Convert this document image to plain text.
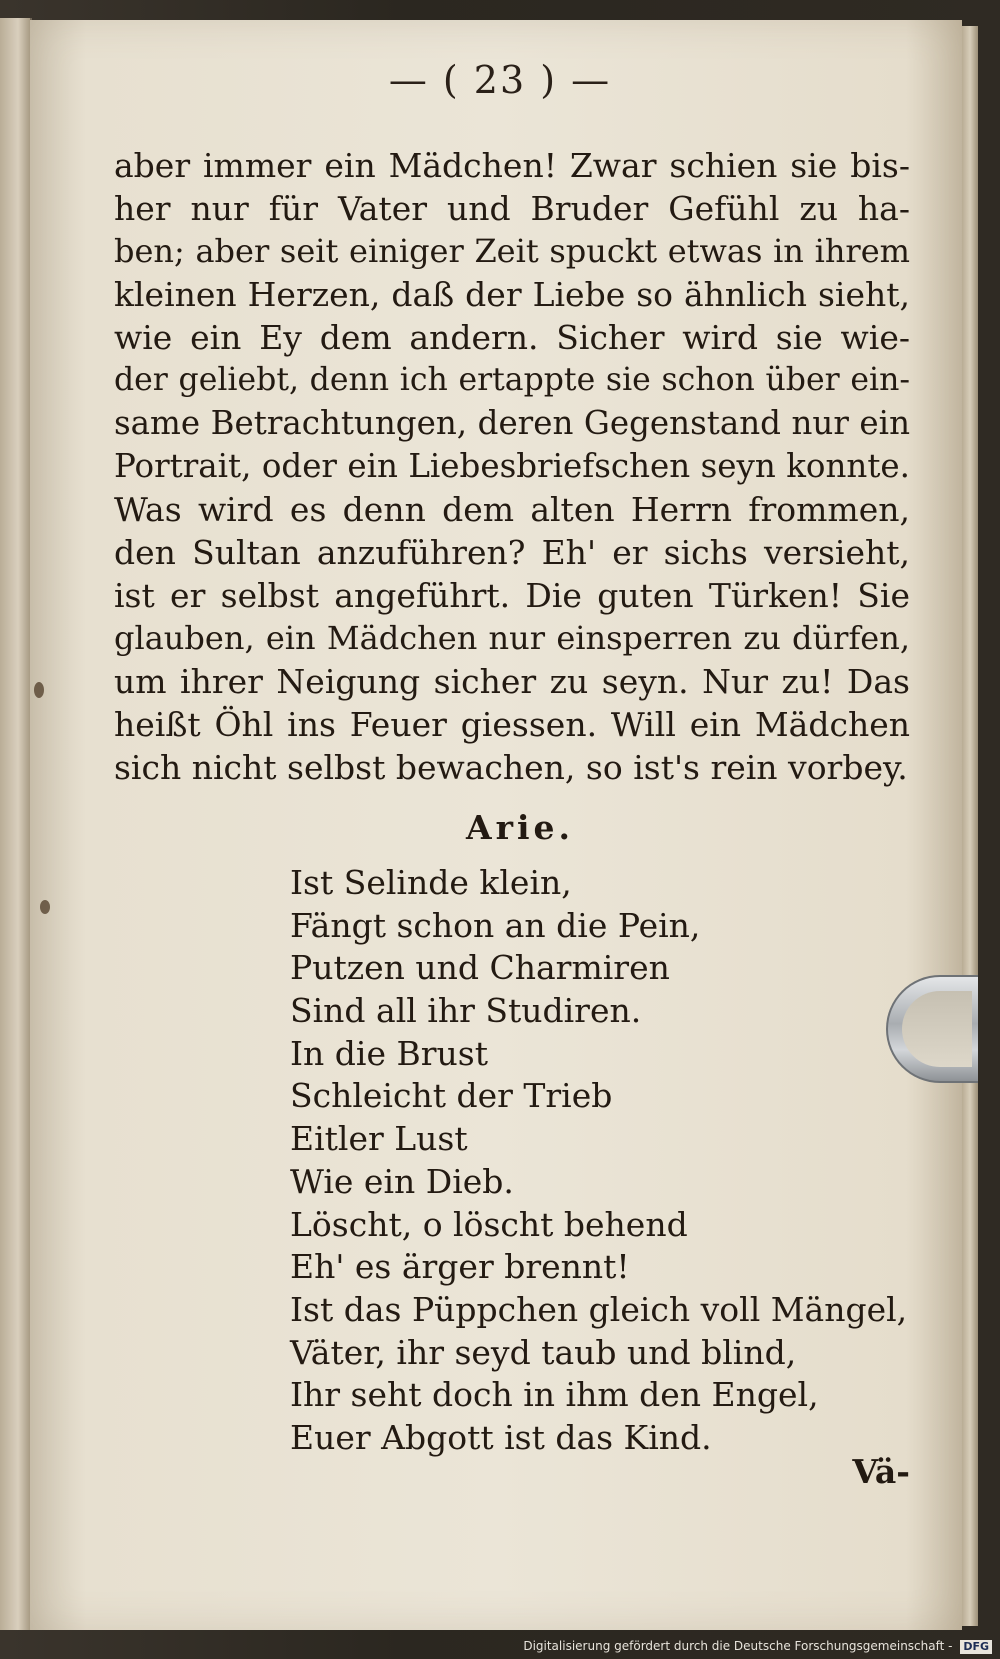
— ( 23 ) —
aber immer ein Mädchen! Zwar schien sie bis-
her nur für Vater und Bruder Gefühl zu ha-
ben; aber seit einiger Zeit spuckt etwas in ihrem
kleinen Herzen, daß der Liebe so ähnlich sieht,
wie ein Ey dem andern. Sicher wird sie wie-
der geliebt, denn ich ertappte sie schon über ein-
same Betrachtungen, deren Gegenstand nur ein
Portrait, oder ein Liebesbriefschen seyn konnte.
Was wird es denn dem alten Herrn frommen,
den Sultan anzuführen? Eh' er sichs versieht,
ist er selbst angeführt. Die guten Türken! Sie
glauben, ein Mädchen nur einsperren zu dürfen,
um ihrer Neigung sicher zu seyn. Nur zu! Das
heißt Öhl ins Feuer giessen. Will ein Mädchen
sich nicht selbst bewachen, so ist's rein vorbey.
Arie.
Ist Selinde klein,
Fängt schon an die Pein,
Putzen und Charmiren
Sind all ihr Studiren.
In die Brust
Schleicht der Trieb
Eitler Lust
Wie ein Dieb.
Löscht, o löscht behend
Eh' es ärger brennt!
Ist das Püppchen gleich voll Mängel,
Väter, ihr seyd taub und blind,
Ihr seht doch in ihm den Engel,
Euer Abgott ist das Kind.
Vä-
Digitalisierung gefördert durch die Deutsche Forschungsgemeinschaft - DFG
